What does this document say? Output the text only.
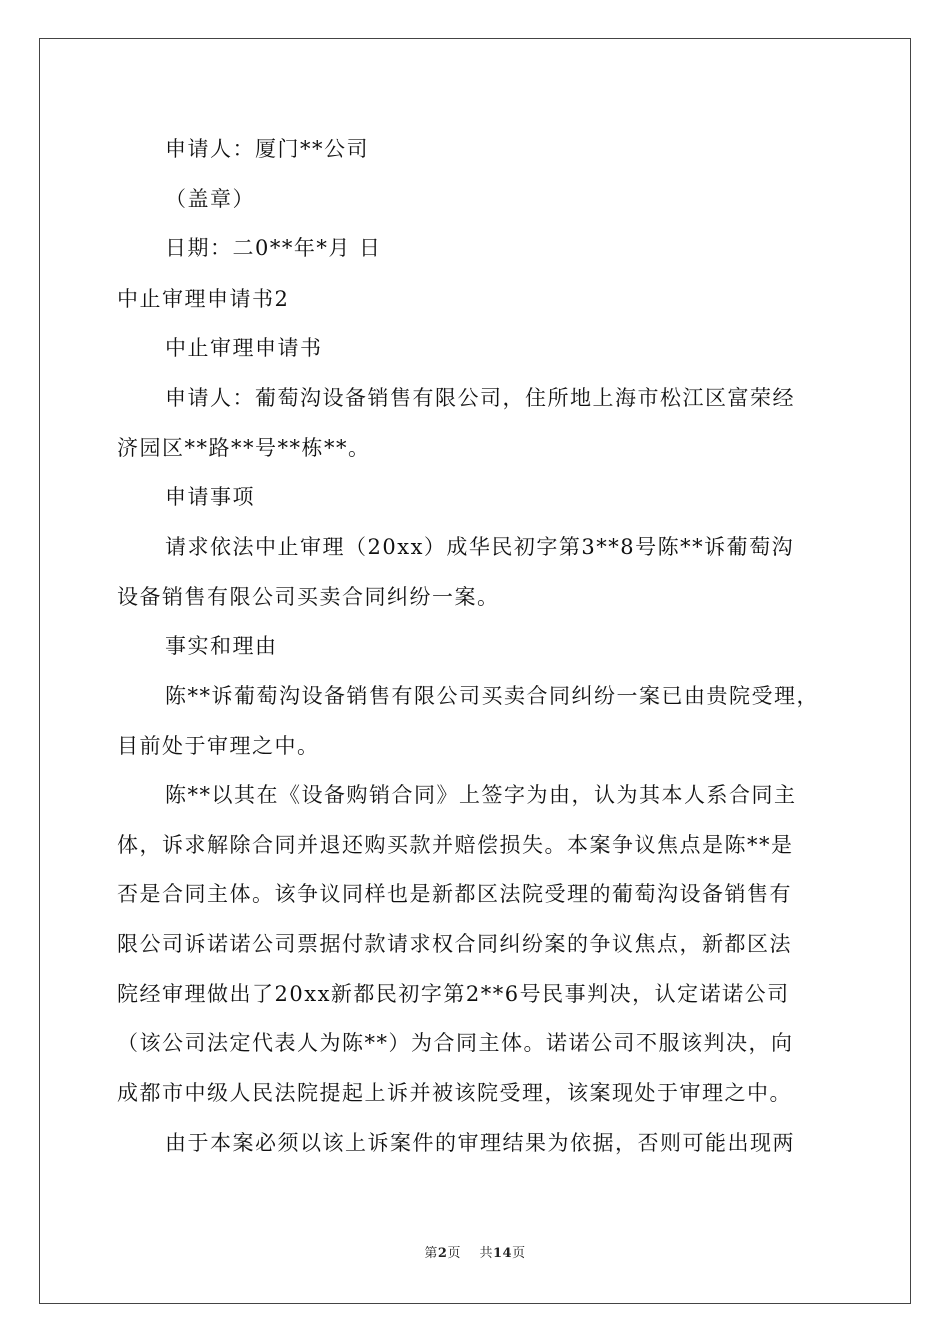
申请人：厦门**公司
（盖章）
日期：二0**年*月 日
中止审理申请书2
中止审理申请书
申请人：葡萄沟设备销售有限公司，住所地上海市松江区富荣经
济园区**路**号**栋**。
申请事项
请求依法中止审理（20xx）成华民初字第3**8号陈**诉葡萄沟
设备销售有限公司买卖合同纠纷一案。
事实和理由
陈**诉葡萄沟设备销售有限公司买卖合同纠纷一案已由贵院受理，
目前处于审理之中。
陈**以其在《设备购销合同》上签字为由，认为其本人系合同主
体，诉求解除合同并退还购买款并赔偿损失。本案争议焦点是陈**是
否是合同主体。该争议同样也是新都区法院受理的葡萄沟设备销售有
限公司诉诺诺公司票据付款请求权合同纠纷案的争议焦点，新都区法
院经审理做出了20xx新都民初字第2**6号民事判决，认定诺诺公司
（该公司法定代表人为陈**）为合同主体。诺诺公司不服该判决，向
成都市中级人民法院提起上诉并被该院受理，该案现处于审理之中。
由于本案必须以该上诉案件的审理结果为依据，否则可能出现两
第2页    共14页
